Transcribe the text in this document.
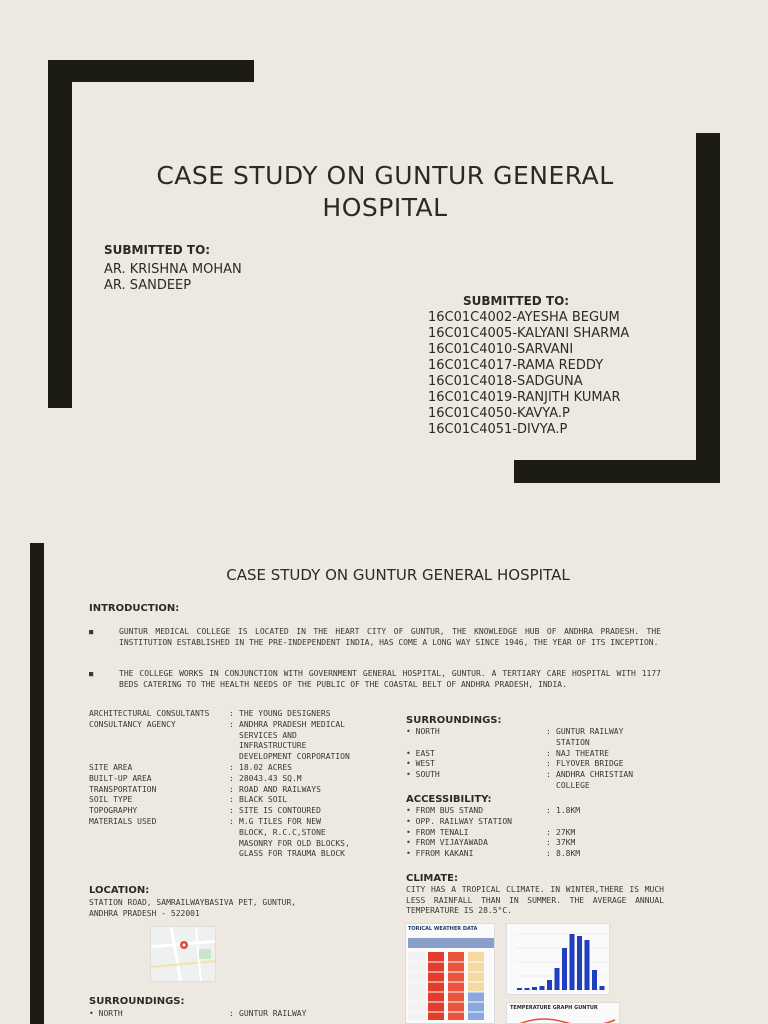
CASE STUDY ON GUNTUR GENERAL HOSPITAL
SUBMITTED TO:
AR. KRISHNA MOHAN
AR. SANDEEP
SUBMITTED TO:
16C01C4002-AYESHA BEGUM
16C01C4005-KALYANI SHARMA
16C01C4010-SARVANI
16C01C4017-RAMA REDDY
16C01C4018-SADGUNA
16C01C4019-RANJITH KUMAR
16C01C4050-KAVYA.P
16C01C4051-DIVYA.P
CASE STUDY ON GUNTUR GENERAL HOSPITAL
INTRODUCTION:
■	GUNTUR MEDICAL COLLEGE IS LOCATED IN THE HEART CITY OF GUNTUR, THE KNOWLEDGE HUB OF ANDHRA PRADESH. THE INSTITUTION ESTABLISHED IN THE PRE-INDEPENDENT INDIA, HAS COME A LONG WAY SINCE 1946, THE YEAR OF ITS INCEPTION.
■	THE COLLEGE WORKS IN CONJUNCTION WITH GOVERNMENT GENERAL HOSPITAL, GUNTUR. A TERTIARY CARE HOSPITAL WITH 1177 BEDS CATERING TO THE HEALTH NEEDS OF THE PUBLIC OF THE COASTAL BELT OF ANDHRA PRADESH, INDIA.
ARCHITECTURAL CONSULTANTS	: THE YOUNG DESIGNERS
CONSULTANCY AGENCY	: ANDHRA PRADESH MEDICAL SERVICES AND INFRASTRUCTURE DEVELOPMENT CORPORATION
SITE AREA	: 18.02 ACRES
BUILT-UP AREA	: 28043.43 SQ.M
TRANSPORTATION	: ROAD AND RAILWAYS
SOIL TYPE	: BLACK SOIL
TOPOGRAPHY	: SITE IS CONTOURED
MATERIALS USED	: M.G TILES FOR NEW BLOCK, R.C.C,STONE MASONRY FOR OLD BLOCKS, GLASS FOR TRAUMA BLOCK
LOCATION:
STATION ROAD, SAMRAILWAYBASIVA PET, GUNTUR, ANDHRA PRADESH - 522001
SURROUNDINGS:
• NORTH	: GUNTUR RAILWAY
SURROUNDINGS:
• NORTH	: GUNTUR RAILWAY STATION
• EAST	: NAJ THEATRE
• WEST	: FLYOVER BRIDGE
• SOUTH	: ANDHRA CHRISTIAN COLLEGE
ACCESSIBILITY:
• FROM BUS STAND	: 1.8KM
• OPP. RAILWAY STATION
• FROM TENALI	: 27KM
• FROM VIJAYAWADA	: 37KM
• FFROM KAKANI	: 8.8KM
CLIMATE:
CITY HAS A TROPICAL CLIMATE. IN WINTER,THERE IS MUCH LESS RAINFALL THAN IN SUMMER. THE AVERAGE ANNUAL TEMPERATURE IS 28.5°C.
TORICAL WEATHER DATA
TEMPERATURE GRAPH GUNTUR
